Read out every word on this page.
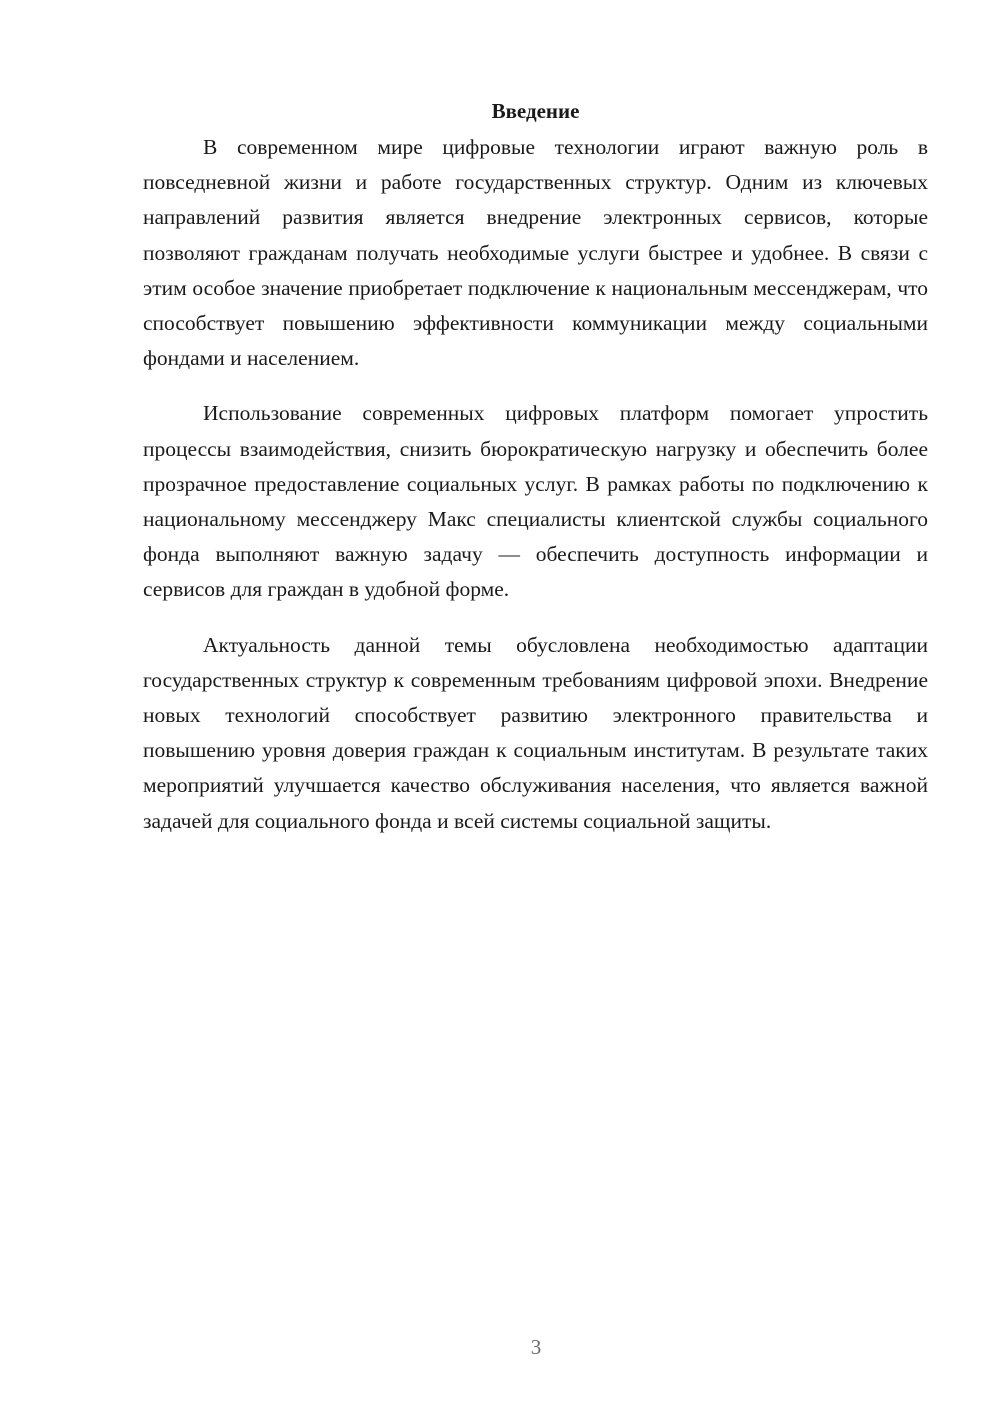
Введение

В современном мире цифровые технологии играют важную роль в повседневной жизни и работе государственных структур. Одним из ключевых направлений развития является внедрение электронных сервисов, которые позволяют гражданам получать необходимые услуги быстрее и удобнее. В связи с этим особое значение приобретает подключение к национальным мессенджерам, что способствует повышению эффективности коммуникации между социальными фондами и населением.

Использование современных цифровых платформ помогает упростить процессы взаимодействия, снизить бюрократическую нагрузку и обеспечить более прозрачное предоставление социальных услуг. В рамках работы по подключению к национальному мессенджеру Макс специалисты клиентской службы социального фонда выполняют важную задачу — обеспечить доступность информации и сервисов для граждан в удобной форме.

Актуальность данной темы обусловлена необходимостью адаптации государственных структур к современным требованиям цифровой эпохи. Внедрение новых технологий способствует развитию электронного правительства и повышению уровня доверия граждан к социальным институтам. В результате таких мероприятий улучшается качество обслуживания населения, что является важной задачей для социального фонда и всей системы социальной защиты.

3
